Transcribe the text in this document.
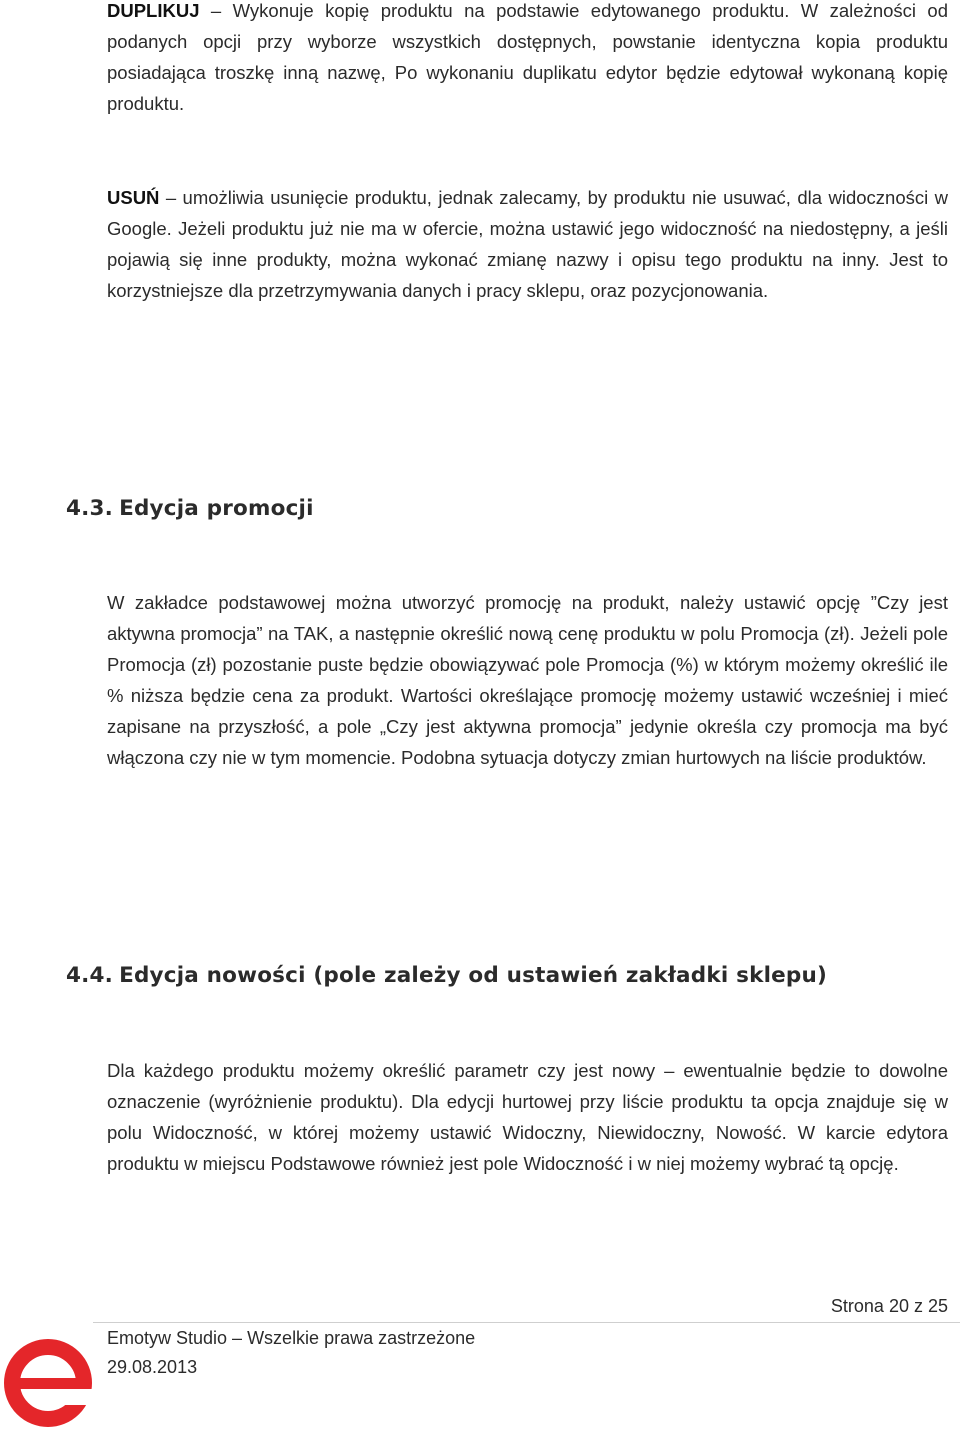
DUPLIKUJ – Wykonuje kopię produktu na podstawie edytowanego produktu. W zależności od podanych opcji przy wyborze wszystkich dostępnych, powstanie identyczna kopia produktu posiadająca troszkę inną nazwę, Po wykonaniu duplikatu edytor będzie edytował wykonaną kopię produktu.

USUŃ – umożliwia usunięcie produktu, jednak zalecamy, by produktu nie usuwać, dla widoczności w Google. Jeżeli produktu już nie ma w ofercie, można ustawić jego widoczność na niedostępny, a jeśli pojawią się inne produkty, można wykonać zmianę nazwy i opisu tego produktu na inny. Jest to korzystniejsze dla przetrzymywania danych i pracy sklepu, oraz pozycjonowania.

4.3. Edycja promocji

W zakładce podstawowej można utworzyć promocję na produkt, należy ustawić opcję ”Czy jest aktywna promocja” na TAK, a następnie określić nową cenę produktu w polu Promocja (zł). Jeżeli pole Promocja (zł) pozostanie puste będzie obowiązywać pole Promocja (%) w którym możemy określić ile % niższa będzie cena za produkt. Wartości określające promocję możemy ustawić wcześniej i mieć zapisane na przyszłość, a pole „Czy jest aktywna promocja” jedynie określa czy promocja ma być włączona czy nie w tym momencie. Podobna sytuacja dotyczy zmian hurtowych na liście produktów.

4.4. Edycja nowości (pole zależy od ustawień zakładki sklepu)

Dla każdego produktu możemy określić parametr czy jest nowy – ewentualnie będzie to dowolne oznaczenie (wyróżnienie produktu). Dla edycji hurtowej przy liście produktu ta opcja znajduje się w polu Widoczność, w której możemy ustawić Widoczny, Niewidoczny, Nowość. W karcie edytora produktu w miejscu Podstawowe również jest pole Widoczność i w niej możemy wybrać tą opcję.

Strona 20 z 25
Emotyw Studio – Wszelkie prawa zastrzeżone
29.08.2013
